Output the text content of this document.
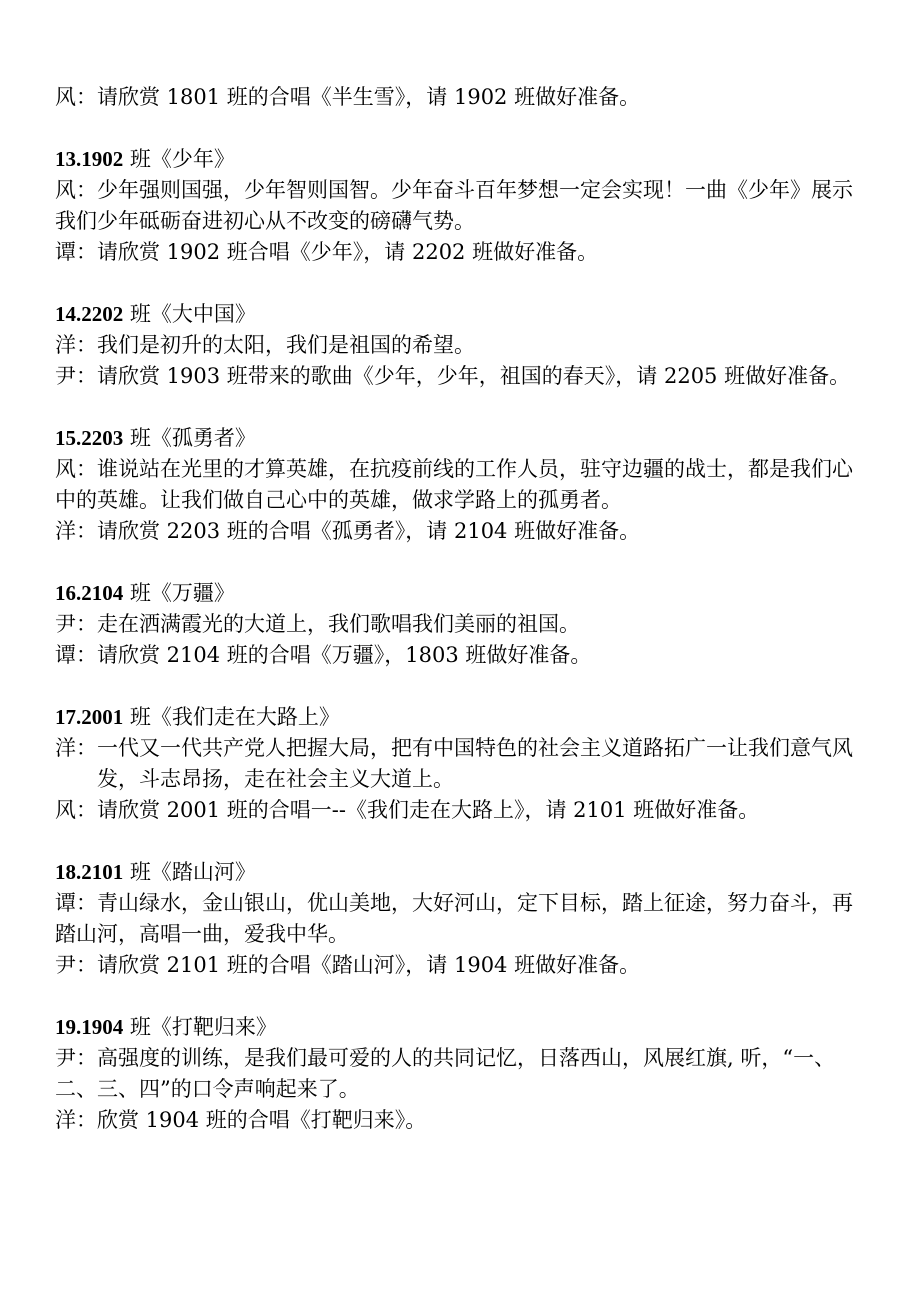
风：请欣赏 1801 班的合唱《半生雪》，请 1902 班做好准备。
13.1902 班《少年》
风：少年强则国强，少年智则国智。少年奋斗百年梦想一定会实现！一曲《少年》展示我们少年砥砺奋进初心从不改变的磅礴气势。
谭：请欣赏 1902 班合唱《少年》，请 2202 班做好准备。
14.2202 班《大中国》
洋：我们是初升的太阳，我们是祖国的希望。
尹：请欣赏 1903 班带来的歌曲《少年，少年，祖国的春天》，请 2205 班做好准备。
15.2203 班《孤勇者》
风：谁说站在光里的才算英雄，在抗疫前线的工作人员，驻守边疆的战士，都是我们心中的英雄。让我们做自己心中的英雄，做求学路上的孤勇者。
洋：请欣赏 2203 班的合唱《孤勇者》，请 2104 班做好准备。
16.2104 班《万疆》
尹：走在洒满霞光的大道上，我们歌唱我们美丽的祖国。
谭：请欣赏 2104 班的合唱《万疆》，1803 班做好准备。
17.2001 班《我们走在大路上》
洋：一代又一代共产党人把握大局，把有中国特色的社会主义道路拓广一让我们意气风发，斗志昂扬，走在社会主义大道上。
风：请欣赏 2001 班的合唱一--《我们走在大路上》，请 2101 班做好准备。
18.2101 班《踏山河》
谭：青山绿水，金山银山，优山美地，大好河山，定下目标，踏上征途，努力奋斗，再踏山河，高唱一曲，爱我中华。
尹：请欣赏 2101 班的合唱《踏山河》，请 1904 班做好准备。
19.1904 班《打靶归来》
尹：高强度的训练，是我们最可爱的人的共同记忆，日落西山，风展红旗, 听，“一、二、三、四”的口令声响起来了。
洋：欣赏 1904 班的合唱《打靶归来》。
